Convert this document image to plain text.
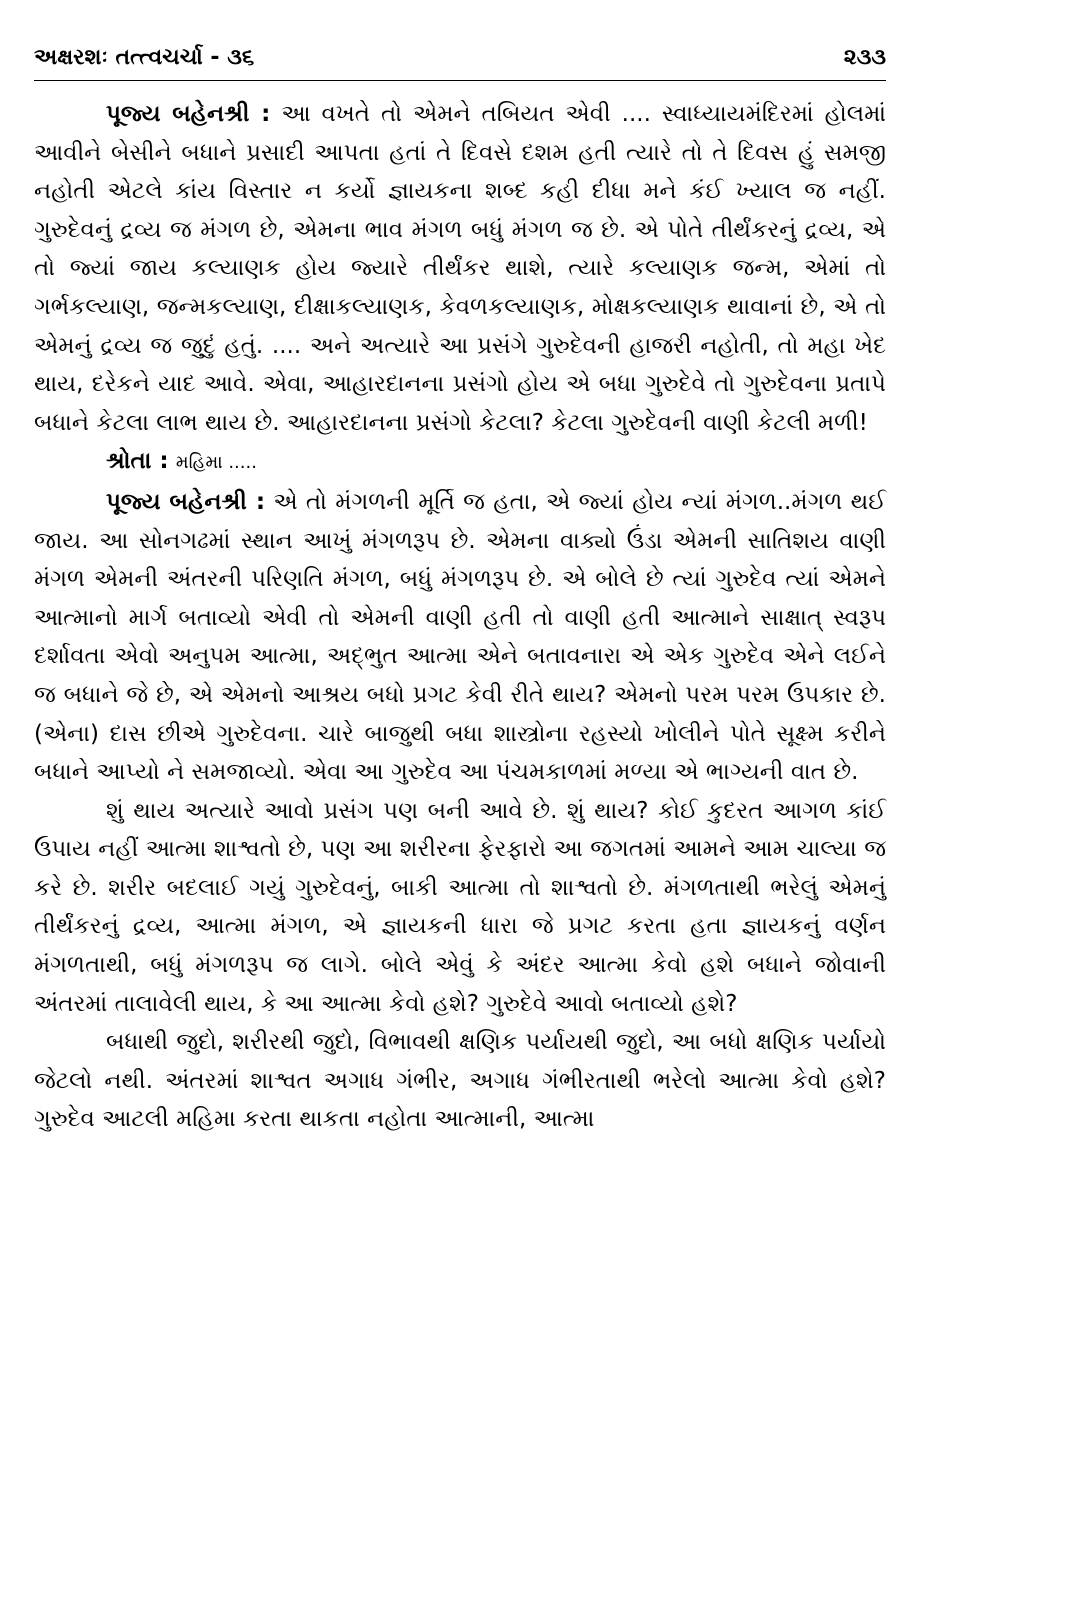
અક્ષરશઃ તત્ત્વચર્ચા - ૩૬	૨૩૩

પૂજ્ય બહેનશ્રી : આ વખતે તો એમને તબિયત એવી .... સ્વાધ્યાયમંદિરમાં હોલમાં આવીને બેસીને બધાને પ્રસાદી આપતા હતાં તે દિવસે દશમ હતી ત્યારે તો તે દિવસ હું સમજી નહોતી એટલે કાંય વિસ્તાર ન કર્યો જ્ઞાયકના શબ્દ કહી દીધા મને કંઈ ખ્યાલ જ નહીં. ગુરુદેવનું દ્રવ્ય જ મંગળ છે, એમના ભાવ મંગળ બધું મંગળ જ છે. એ પોતે તીર્થંકરનું દ્રવ્ય, એ તો જ્યાં જાય કલ્યાણક હોય જ્યારે તીર્થંકર થાશે, ત્યારે કલ્યાણક જન્મ, એમાં તો ગર્ભકલ્યાણ, જન્મકલ્યાણ, દીક્ષાકલ્યાણક, કેવળકલ્યાણક, મોક્ષકલ્યાણક થાવાનાં છે, એ તો એમનું દ્રવ્ય જ જુદું હતું. .... અને અત્યારે આ પ્રસંગે ગુરુદેવની હાજરી નહોતી, તો મહા ખેદ થાય, દરેકને યાદ આવે. એવા, આહારદાનના પ્રસંગો હોય એ બધા ગુરુદેવે તો ગુરુદેવના પ્રતાપે બધાને કેટલા લાભ થાય છે. આહારદાનના પ્રસંગો કેટલા? કેટલા ગુરુદેવની વાણી કેટલી મળી!

શ્રોતા : મહિમા .....

પૂજ્ય બહેનશ્રી : એ તો મંગળની મૂર્તિ જ હતા, એ જ્યાં હોય ન્યાં મંગળ..મંગળ થઈ જાય. આ સોનગઢમાં સ્થાન આખું મંગળરૂપ છે. એમના વાક્યો ઉંડા એમની સાતિશય વાણી મંગળ એમની અંતરની પરિણતિ મંગળ, બધું મંગળરૂપ છે. એ બોલે છે ત્યાં ગુરુદેવ ત્યાં એમને આત્માનો માર્ગ બતાવ્યો એવી તો એમની વાણી હતી તો વાણી હતી આત્માને સાક્ષાત્ સ્વરૂપ દર્શાવતા એવો અનુપમ આત્મા, અદ્ભુત આત્મા એને બતાવનારા એ એક ગુરુદેવ એને લઈને જ બધાને જે છે, એ એમનો આશ્રય બધો પ્રગટ કેવી રીતે થાય? એમનો પરમ પરમ ઉપકાર છે. (એના) દાસ છીએ ગુરુદેવના. ચારે બાજુથી બધા શાસ્ત્રોના રહસ્યો ખોલીને પોતે સૂક્ષ્મ કરીને બધાને આપ્યો ને સમજાવ્યો. એવા આ ગુરુદેવ આ પંચમકાળમાં મળ્યા એ ભાગ્યની વાત છે.

શું થાય અત્યારે આવો પ્રસંગ પણ બની આવે છે. શું થાય? કોઈ કુદરત આગળ કાંઈ ઉપાય નહીં આત્મા શાશ્વતો છે, પણ આ શરીરના ફેરફારો આ જગતમાં આમને આમ ચાલ્યા જ કરે છે. શરીર બદલાઈ ગયું ગુરુદેવનું, બાકી આત્મા તો શાશ્વતો છે. મંગળતાથી ભરેલું એમનું તીર્થંકરનું દ્રવ્ય, આત્મા મંગળ, એ જ્ઞાયકની ધારા જે પ્રગટ કરતા હતા જ્ઞાયકનું વર્ણન મંગળતાથી, બધું મંગળરૂપ જ લાગે. બોલે એવું કે અંદર આત્મા કેવો હશે બધાને જોવાની અંતરમાં તાલાવેલી થાય, કે આ આત્મા કેવો હશે? ગુરુદેવે આવો બતાવ્યો હશે?

બધાથી જુદો, શરીરથી જુદો, વિભાવથી ક્ષણિક પર્યાયથી જુદો, આ બધો ક્ષણિક પર્યાયો જેટલો નથી. અંતરમાં શાશ્વત અગાધ ગંભીર, અગાધ ગંભીરતાથી ભરેલો આત્મા કેવો હશે? ગુરુદેવ આટલી મહિમા કરતા થાકતા નહોતા આત્માની, આત્મા
